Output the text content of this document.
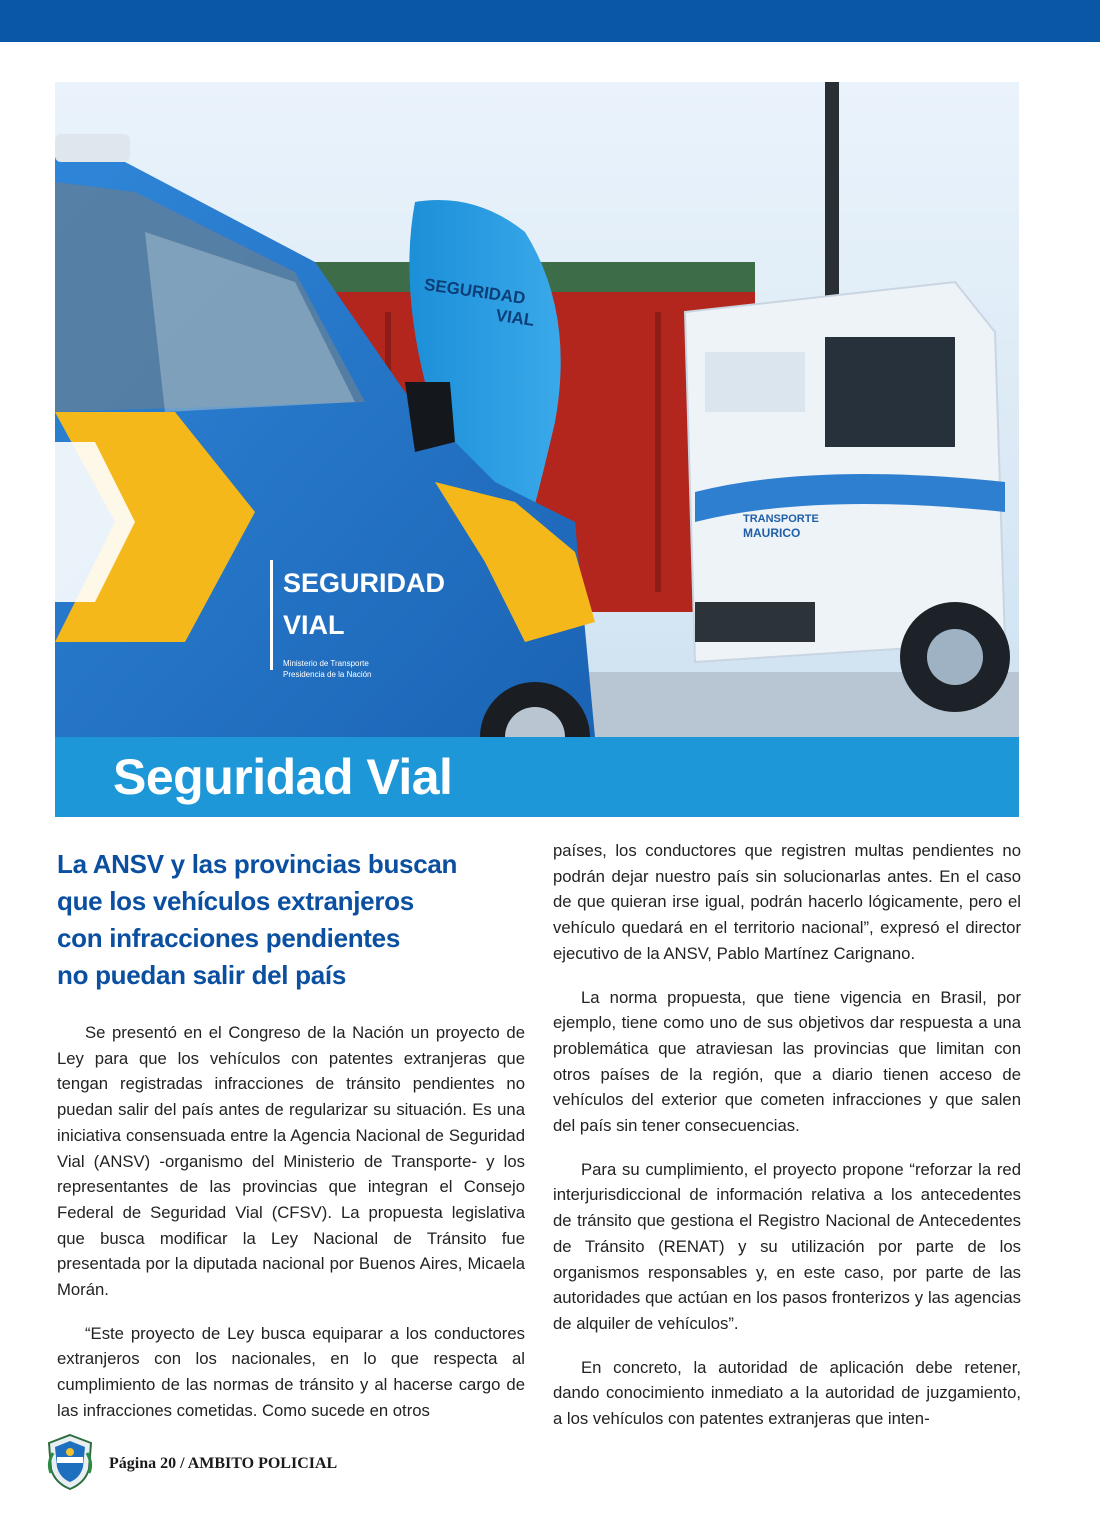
TRANSPORTE
MAURICO
SEGURIDAD
VIAL
SEGURIDAD
VIAL
Ministerio de Transporte
Presidencia de la Nación
Seguridad Vial
La ANSV y las provincias buscan
que los vehículos extranjeros
con infracciones pendientes
no puedan salir del país

Se presentó en el Congreso de la Nación un proyecto de Ley para que los vehículos con patentes extranjeras que tengan registradas infracciones de tránsito pendientes no puedan salir del país antes de regularizar su situación. Es una iniciativa consensuada entre la Agencia Nacional de Seguridad Vial (ANSV) -organismo del Ministerio de Transporte- y los representantes de las provincias que integran el Consejo Federal de Seguridad Vial (CFSV). La propuesta legislativa que busca modificar la Ley Nacional de Tránsito fue presentada por la diputada nacional por Buenos Aires, Micaela Morán.

“Este proyecto de Ley busca equiparar a los conductores extranjeros con los nacionales, en lo que respecta al cumplimiento de las normas de tránsito y al hacerse cargo de las infracciones cometidas. Como sucede en otros

países, los conductores que registren multas pendientes no podrán dejar nuestro país sin solucionarlas antes. En el caso de que quieran irse igual, podrán hacerlo lógicamente, pero el vehículo quedará en el territorio nacional”, expresó el director ejecutivo de la ANSV, Pablo Martínez Carignano.

La norma propuesta, que tiene vigencia en Brasil, por ejemplo, tiene como uno de sus objetivos dar respuesta a una problemática que atraviesan las provincias que limitan con otros países de la región, que a diario tienen acceso de vehículos del exterior que cometen infracciones y que salen del país sin tener consecuencias.

Para su cumplimiento, el proyecto propone “reforzar la red interjurisdiccional de información relativa a los antecedentes de tránsito que gestiona el Registro Nacional de Antecedentes de Tránsito (RENAT) y su utilización por parte de los organismos responsables y, en este caso, por parte de las autoridades que actúan en los pasos fronterizos y las agencias de alquiler de vehículos”.

En concreto, la autoridad de aplicación debe retener, dando conocimiento inmediato a la autoridad de juzgamiento, a los vehículos con patentes extranjeras que inten-

Página 20 / AMBITO POLICIAL
